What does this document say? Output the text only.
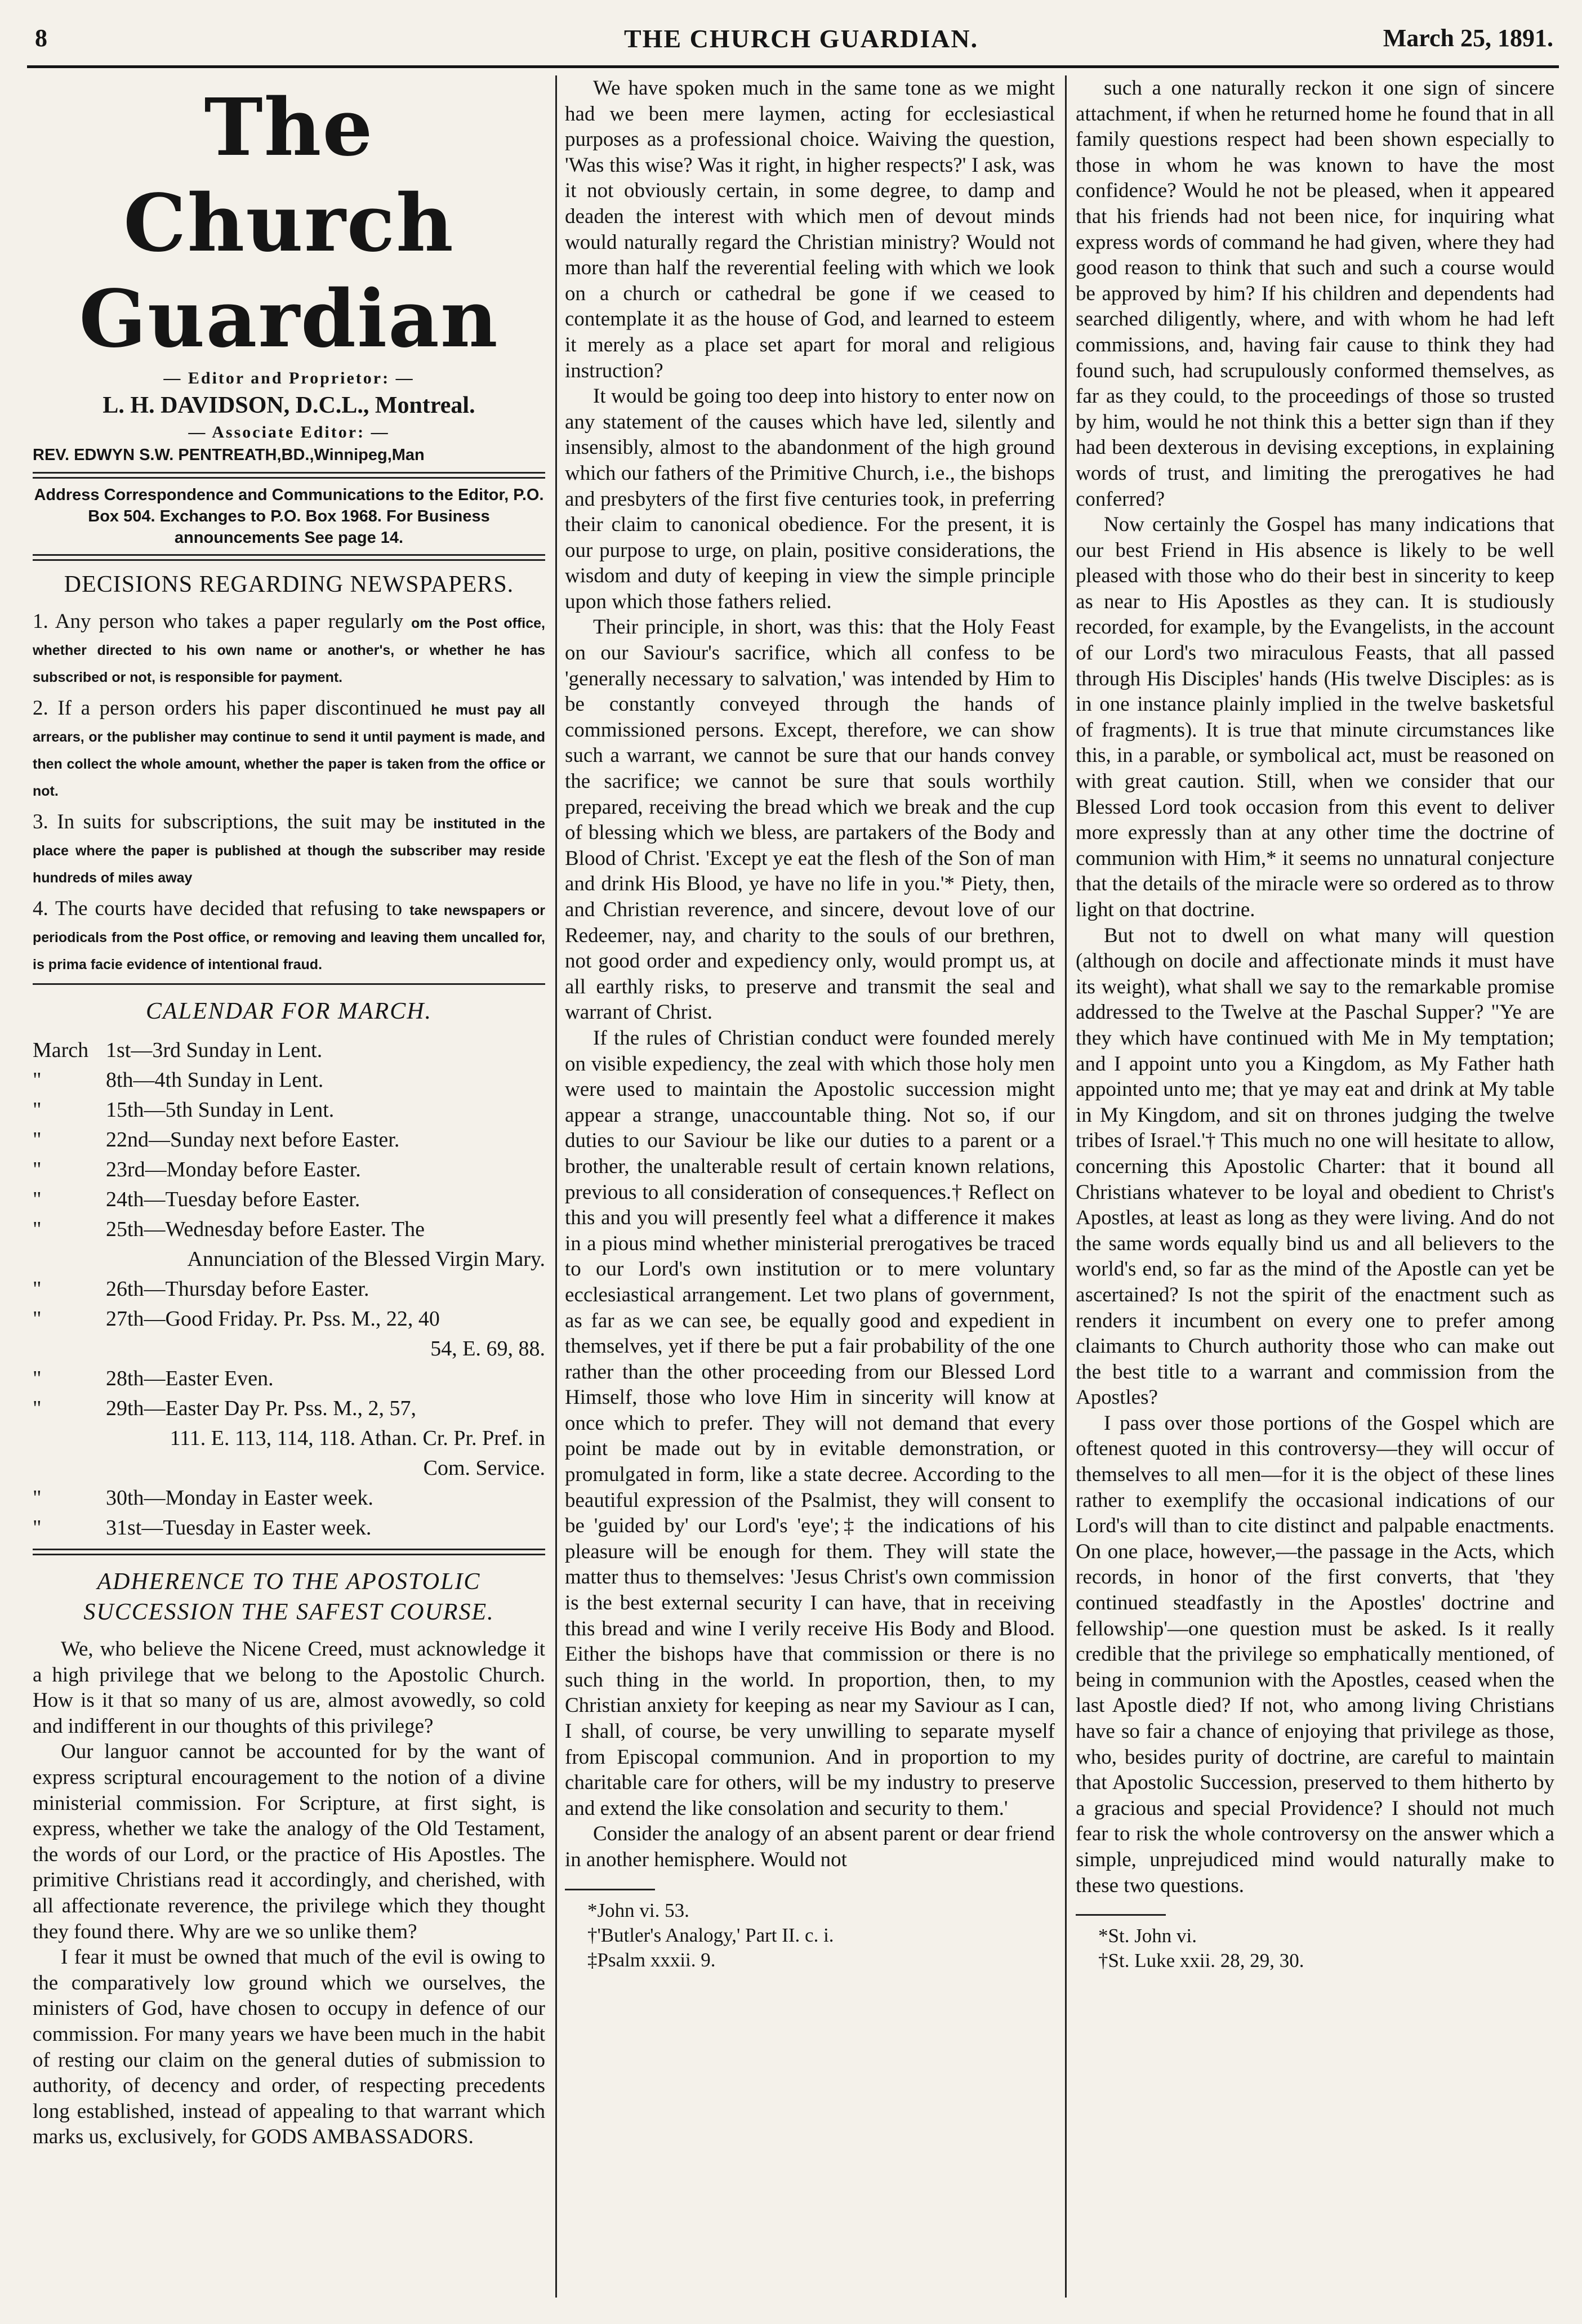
8	THE CHURCH GUARDIAN.	March 25, 1891.
The Church Guardian
— Editor and Proprietor: —
L. H. DAVIDSON, D.C.L., Montreal.
— Associate Editor: —
REV. EDWYN S.W. PENTREATH,BD.,Winnipeg,Man
Address Correspondence and Communications to the Editor, P.O. Box 504. Exchanges to P.O. Box 1968. For Business announcements See page 14.
DECISIONS REGARDING NEWSPAPERS.
1. Any person who takes a paper regularly om the Post office, whether directed to his own name or another's, or whether he has subscribed or not, is responsible for payment.
2. If a person orders his paper discontinued he must pay all arrears, or the publisher may continue to send it until payment is made, and then collect the whole amount, whether the paper is taken from the office or not.
3. In suits for subscriptions, the suit may be instituted in the place where the paper is published at though the subscriber may reside hundreds of miles away
4. The courts have decided that refusing to take newspapers or periodicals from the Post office, or removing and leaving them uncalled for, is prima facie evidence of intentional fraud.
CALENDAR FOR MARCH.
March 1st—3rd Sunday in Lent.
"	8th—4th Sunday in Lent.
"	15th—5th Sunday in Lent.
"	22nd—Sunday next before Easter.
"	23rd—Monday before Easter.
"	24th—Tuesday before Easter.
"	25th—Wednesday before Easter. The
Annunciation of the Blessed Virgin Mary.
"	26th—Thursday before Easter.
"	27th—Good Friday. Pr. Pss. M., 22, 40
54, E. 69, 88.
"	28th—Easter Even.
"	29th—Easter Day Pr. Pss. M., 2, 57,
111. E. 113, 114, 118. Athan. Cr. Pr. Pref. in Com. Service.
"	30th—Monday in Easter week.
"	31st—Tuesday in Easter week.
ADHERENCE TO THE APOSTOLIC SUCCESSION THE SAFEST COURSE.

We, who believe the Nicene Creed, must acknowledge it a high privilege that we belong to the Apostolic Church. How is it that so many of us are, almost avowedly, so cold and indifferent in our thoughts of this privilege?

Our languor cannot be accounted for by the want of express scriptural encouragement to the notion of a divine ministerial commission. For Scripture, at first sight, is express, whether we take the analogy of the Old Testament, the words of our Lord, or the practice of His Apostles. The primitive Christians read it accordingly, and cherished, with all affectionate reverence, the privilege which they thought they found there. Why are we so unlike them?

I fear it must be owned that much of the evil is owing to the comparatively low ground which we ourselves, the ministers of God, have chosen to occupy in defence of our commission. For many years we have been much in the habit of resting our claim on the general duties of submission to authority, of decency and order, of respecting precedents long established, instead of appealing to that warrant which marks us, exclusively, for GODS AMBASSADORS.

We have spoken much in the same tone as we might had we been mere laymen, acting for ecclesiastical purposes as a professional choice. Waiving the question, 'Was this wise? Was it right, in higher respects?' I ask, was it not obviously certain, in some degree, to damp and deaden the interest with which men of devout minds would naturally regard the Christian ministry? Would not more than half the reverential feeling with which we look on a church or cathedral be gone if we ceased to contemplate it as the house of God, and learned to esteem it merely as a place set apart for moral and religious instruction?

It would be going too deep into history to enter now on any statement of the causes which have led, silently and insensibly, almost to the abandonment of the high ground which our fathers of the Primitive Church, i.e., the bishops and presbyters of the first five centuries took, in preferring their claim to canonical obedience. For the present, it is our purpose to urge, on plain, positive considerations, the wisdom and duty of keeping in view the simple principle upon which those fathers relied.

Their principle, in short, was this: that the Holy Feast on our Saviour's sacrifice, which all confess to be 'generally necessary to salvation,' was intended by Him to be constantly conveyed through the hands of commissioned persons. Except, therefore, we can show such a warrant, we cannot be sure that our hands convey the sacrifice; we cannot be sure that souls worthily prepared, receiving the bread which we break and the cup of blessing which we bless, are partakers of the Body and Blood of Christ. 'Except ye eat the flesh of the Son of man and drink His Blood, ye have no life in you.'* Piety, then, and Christian reverence, and sincere, devout love of our Redeemer, nay, and charity to the souls of our brethren, not good order and expediency only, would prompt us, at all earthly risks, to preserve and transmit the seal and warrant of Christ.

If the rules of Christian conduct were founded merely on visible expediency, the zeal with which those holy men were used to maintain the Apostolic succession might appear a strange, unaccountable thing. Not so, if our duties to our Saviour be like our duties to a parent or a brother, the unalterable result of certain known relations, previous to all consideration of consequences.† Reflect on this and you will presently feel what a difference it makes in a pious mind whether ministerial prerogatives be traced to our Lord's own institution or to mere voluntary ecclesiastical arrangement. Let two plans of government, as far as we can see, be equally good and expedient in themselves, yet if there be put a fair probability of the one rather than the other proceeding from our Blessed Lord Himself, those who love Him in sincerity will know at once which to prefer. They will not demand that every point be made out by in evitable demonstration, or promulgated in form, like a state decree. According to the beautiful expression of the Psalmist, they will consent to be 'guided by' our Lord's 'eye';‡ the indications of his pleasure will be enough for them. They will state the matter thus to themselves: 'Jesus Christ's own commission is the best external security I can have, that in receiving this bread and wine I verily receive His Body and Blood. Either the bishops have that commission or there is no such thing in the world. In proportion, then, to my Christian anxiety for keeping as near my Saviour as I can, I shall, of course, be very unwilling to separate myself from Episcopal communion. And in proportion to my charitable care for others, will be my industry to preserve and extend the like consolation and security to them.'

Consider the analogy of an absent parent or dear friend in another hemisphere. Would not

*John vi. 53.
†'Butler's Analogy,' Part II. c. i.
‡Psalm xxxii. 9.

such a one naturally reckon it one sign of sincere attachment, if when he returned home he found that in all family questions respect had been shown especially to those in whom he was known to have the most confidence? Would he not be pleased, when it appeared that his friends had not been nice, for inquiring what express words of command he had given, where they had good reason to think that such and such a course would be approved by him? If his children and dependents had searched diligently, where, and with whom he had left commissions, and, having fair cause to think they had found such, had scrupulously conformed themselves, as far as they could, to the proceedings of those so trusted by him, would he not think this a better sign than if they had been dexterous in devising exceptions, in explaining words of trust, and limiting the prerogatives he had conferred?

Now certainly the Gospel has many indications that our best Friend in His absence is likely to be well pleased with those who do their best in sincerity to keep as near to His Apostles as they can. It is studiously recorded, for example, by the Evangelists, in the account of our Lord's two miraculous Feasts, that all passed through His Disciples' hands (His twelve Disciples: as is in one instance plainly implied in the twelve basketsful of fragments). It is true that minute circumstances like this, in a parable, or symbolical act, must be reasoned on with great caution. Still, when we consider that our Blessed Lord took occasion from this event to deliver more expressly than at any other time the doctrine of communion with Him,* it seems no unnatural conjecture that the details of the miracle were so ordered as to throw light on that doctrine.

But not to dwell on what many will question (although on docile and affectionate minds it must have its weight), what shall we say to the remarkable promise addressed to the Twelve at the Paschal Supper? "Ye are they which have continued with Me in My temptation; and I appoint unto you a Kingdom, as My Father hath appointed unto me; that ye may eat and drink at My table in My Kingdom, and sit on thrones judging the twelve tribes of Israel.'† This much no one will hesitate to allow, concerning this Apostolic Charter: that it bound all Christians whatever to be loyal and obedient to Christ's Apostles, at least as long as they were living. And do not the same words equally bind us and all believers to the world's end, so far as the mind of the Apostle can yet be ascertained? Is not the spirit of the enactment such as renders it incumbent on every one to prefer among claimants to Church authority those who can make out the best title to a warrant and commission from the Apostles?

I pass over those portions of the Gospel which are oftenest quoted in this controversy—they will occur of themselves to all men—for it is the object of these lines rather to exemplify the occasional indications of our Lord's will than to cite distinct and palpable enactments. On one place, however,—the passage in the Acts, which records, in honor of the first converts, that 'they continued steadfastly in the Apostles' doctrine and fellowship'—one question must be asked. Is it really credible that the privilege so emphatically mentioned, of being in communion with the Apostles, ceased when the last Apostle died? If not, who among living Christians have so fair a chance of enjoying that privilege as those, who, besides purity of doctrine, are careful to maintain that Apostolic Succession, preserved to them hitherto by a gracious and special Providence? I should not much fear to risk the whole controversy on the answer which a simple, unprejudiced mind would naturally make to these two questions.

*St. John vi.
†St. Luke xxii. 28, 29, 30.
